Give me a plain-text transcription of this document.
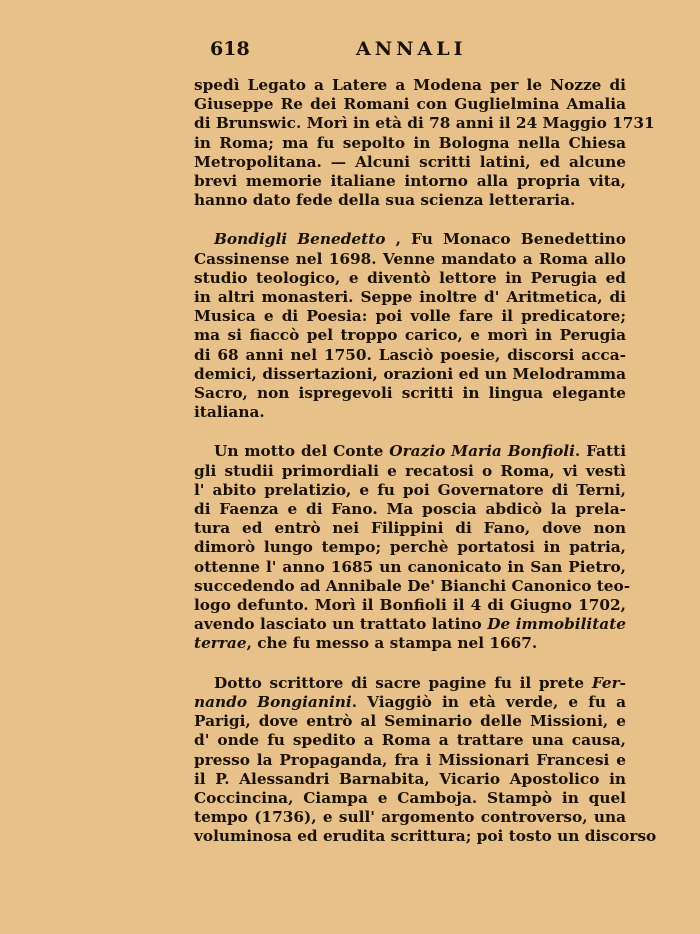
618	ANNALI

spedì Legato a Latere a Modena per le Nozze di
Giuseppe Re dei Romani con Guglielmina Amalia
di Brunswic. Morì in età di 78 anni il 24 Maggio 1731
in Roma; ma fu sepolto in Bologna nella Chiesa
Metropolitana. — Alcuni scritti latini, ed alcune
brevi memorie italiane intorno alla propria vita,
hanno dato fede della sua scienza letteraria.

Bondigli Benedetto , Fu Monaco Benedettino
Cassinense nel 1698. Venne mandato a Roma allo
studio teologico, e diventò lettore in Perugia ed
in altri monasteri. Seppe inoltre d' Aritmetica, di
Musica e di Poesia: poi volle fare il predicatore;
ma si fiaccò pel troppo carico, e morì in Perugia
di 68 anni nel 1750. Lasciò poesie, discorsi acca-
demici, dissertazioni, orazioni ed un Melodramma
Sacro, non ispregevoli scritti in lingua elegante
italiana.

Un motto del Conte Orazio Maria Bonfioli. Fatti
gli studii primordiali e recatosi o Roma, vi vestì
l' abito prelatizio, e fu poi Governatore di Terni,
di Faenza e di Fano. Ma poscia abdicò la prela-
tura ed entrò nei Filippini di Fano, dove non
dimorò lungo tempo; perchè portatosi in patria,
ottenne l' anno 1685 un canonicato in San Pietro,
succedendo ad Annibale De' Bianchi Canonico teo-
logo defunto. Morì il Bonfioli il 4 di Giugno 1702,
avendo lasciato un trattato latino De immobilitate
terrae, che fu messo a stampa nel 1667.

Dotto scrittore di sacre pagine fu il prete Fer-
nando Bongianini. Viaggiò in età verde, e fu a
Parigi, dove entrò al Seminario delle Missioni, e
d' onde fu spedito a Roma a trattare una causa,
presso la Propaganda, fra i Missionari Francesi e
il P. Alessandri Barnabita, Vicario Apostolico in
Coccincina, Ciampa e Camboja. Stampò in quel
tempo (1736), e sull' argomento controverso, una
voluminosa ed erudita scrittura; poi tosto un discorso
